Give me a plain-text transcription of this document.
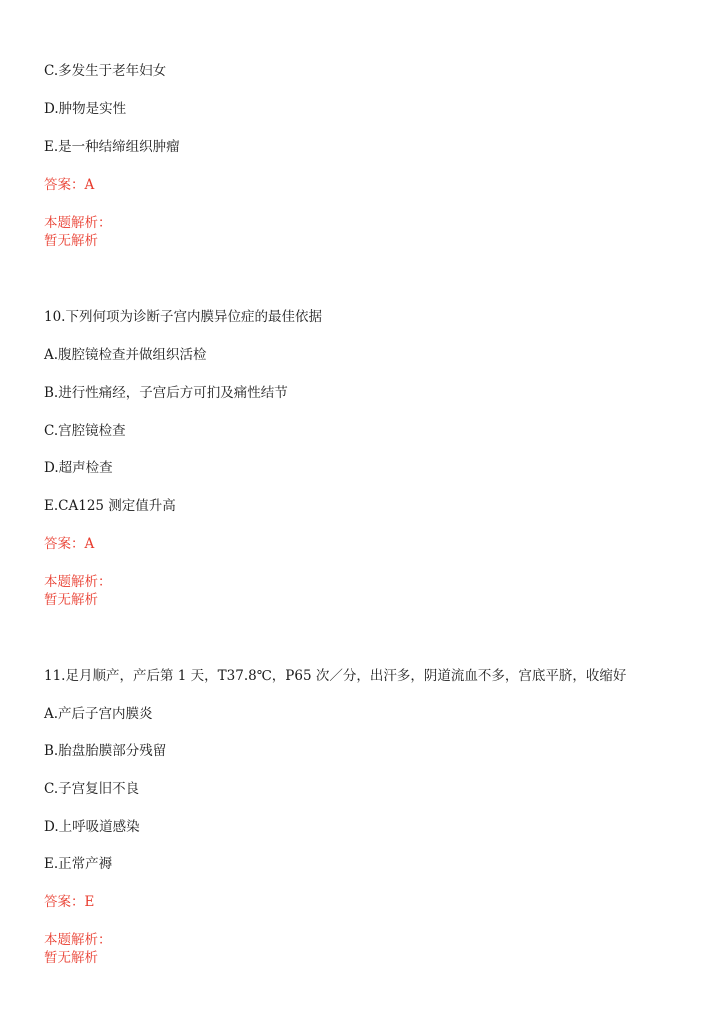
C.多发生于老年妇女
D.肿物是实性
E.是一种结缔组织肿瘤
答案：A
本题解析：
暂无解析
10.下列何项为诊断子宫内膜异位症的最佳依据
A.腹腔镜检查并做组织活检
B.进行性痛经，子宫后方可扪及痛性结节
C.宫腔镜检查
D.超声检查
E.CA125 测定值升高
答案：A
本题解析：
暂无解析
11.足月顺产，产后第 1 天，T37.8℃，P65 次／分，出汗多，阴道流血不多，宫底平脐，收缩好
A.产后子宫内膜炎
B.胎盘胎膜部分残留
C.子宫复旧不良
D.上呼吸道感染
E.正常产褥
答案：E
本题解析：
暂无解析
